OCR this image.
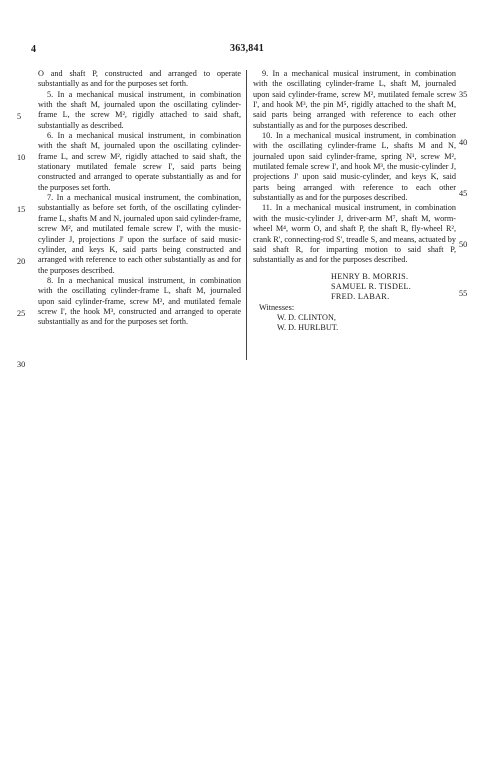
4	363,841
5
10
15
20
25
30
35
40
45
50
55

O and shaft P, constructed and arranged to operate substantially as and for the purposes set forth.

5. In a mechanical musical instrument, in combination with the shaft M, journaled upon the oscillating cylinder-frame L, the screw M², rigidly attached to said shaft, substantially as described.

6. In a mechanical musical instrument, in combination with the shaft M, journaled upon the oscillating cylinder-frame L, and screw M², rigidly attached to said shaft, the stationary mutilated female screw I', said parts being constructed and arranged to operate substantially as and for the purposes set forth.

7. In a mechanical musical instrument, the combination, substantially as before set forth, of the oscillating cylinder-frame L, shafts M and N, journaled upon said cylinder-frame, screw M², and mutilated female screw I', with the music-cylinder J, projections J' upon the surface of said music-cylinder, and keys K, said parts being constructed and arranged with reference to each other substantially as and for the purposes described.

8. In a mechanical musical instrument, in combination with the oscillating cylinder-frame L, shaft M, journaled upon said cylinder-frame, screw M², and mutilated female screw I', the hook M³, constructed and arranged to operate substantially as and for the purposes set forth.

9. In a mechanical musical instrument, in combination with the oscillating cylinder-frame L, shaft M, journaled upon said cylinder-frame, screw M², mutilated female screw I', and hook M³, the pin M⁵, rigidly attached to the shaft M, said parts being arranged with reference to each other substantially as and for the purposes described.

10. In a mechanical musical instrument, in combination with the oscillating cylinder-frame L, shafts M and N, journaled upon said cylinder-frame, spring N¹, screw M², mutilated female screw I', and hook M³, the music-cylinder J, projections J' upon said music-cylinder, and keys K, said parts being arranged with reference to each other substantially as and for the purposes described.

11. In a mechanical musical instrument, in combination with the music-cylinder J, driver-arm M⁷, shaft M, worm-wheel M⁴, worm O, and shaft P, the shaft R, fly-wheel R², crank R', connecting-rod S', treadle S, and means, actuated by said shaft R, for imparting motion to said shaft P, substantially as and for the purposes described.

HENRY B. MORRIS.

SAMUEL R. TISDEL.

FRED. LABAR.

Witnesses:

W. D. CLINTON,

W. D. HURLBUT.
